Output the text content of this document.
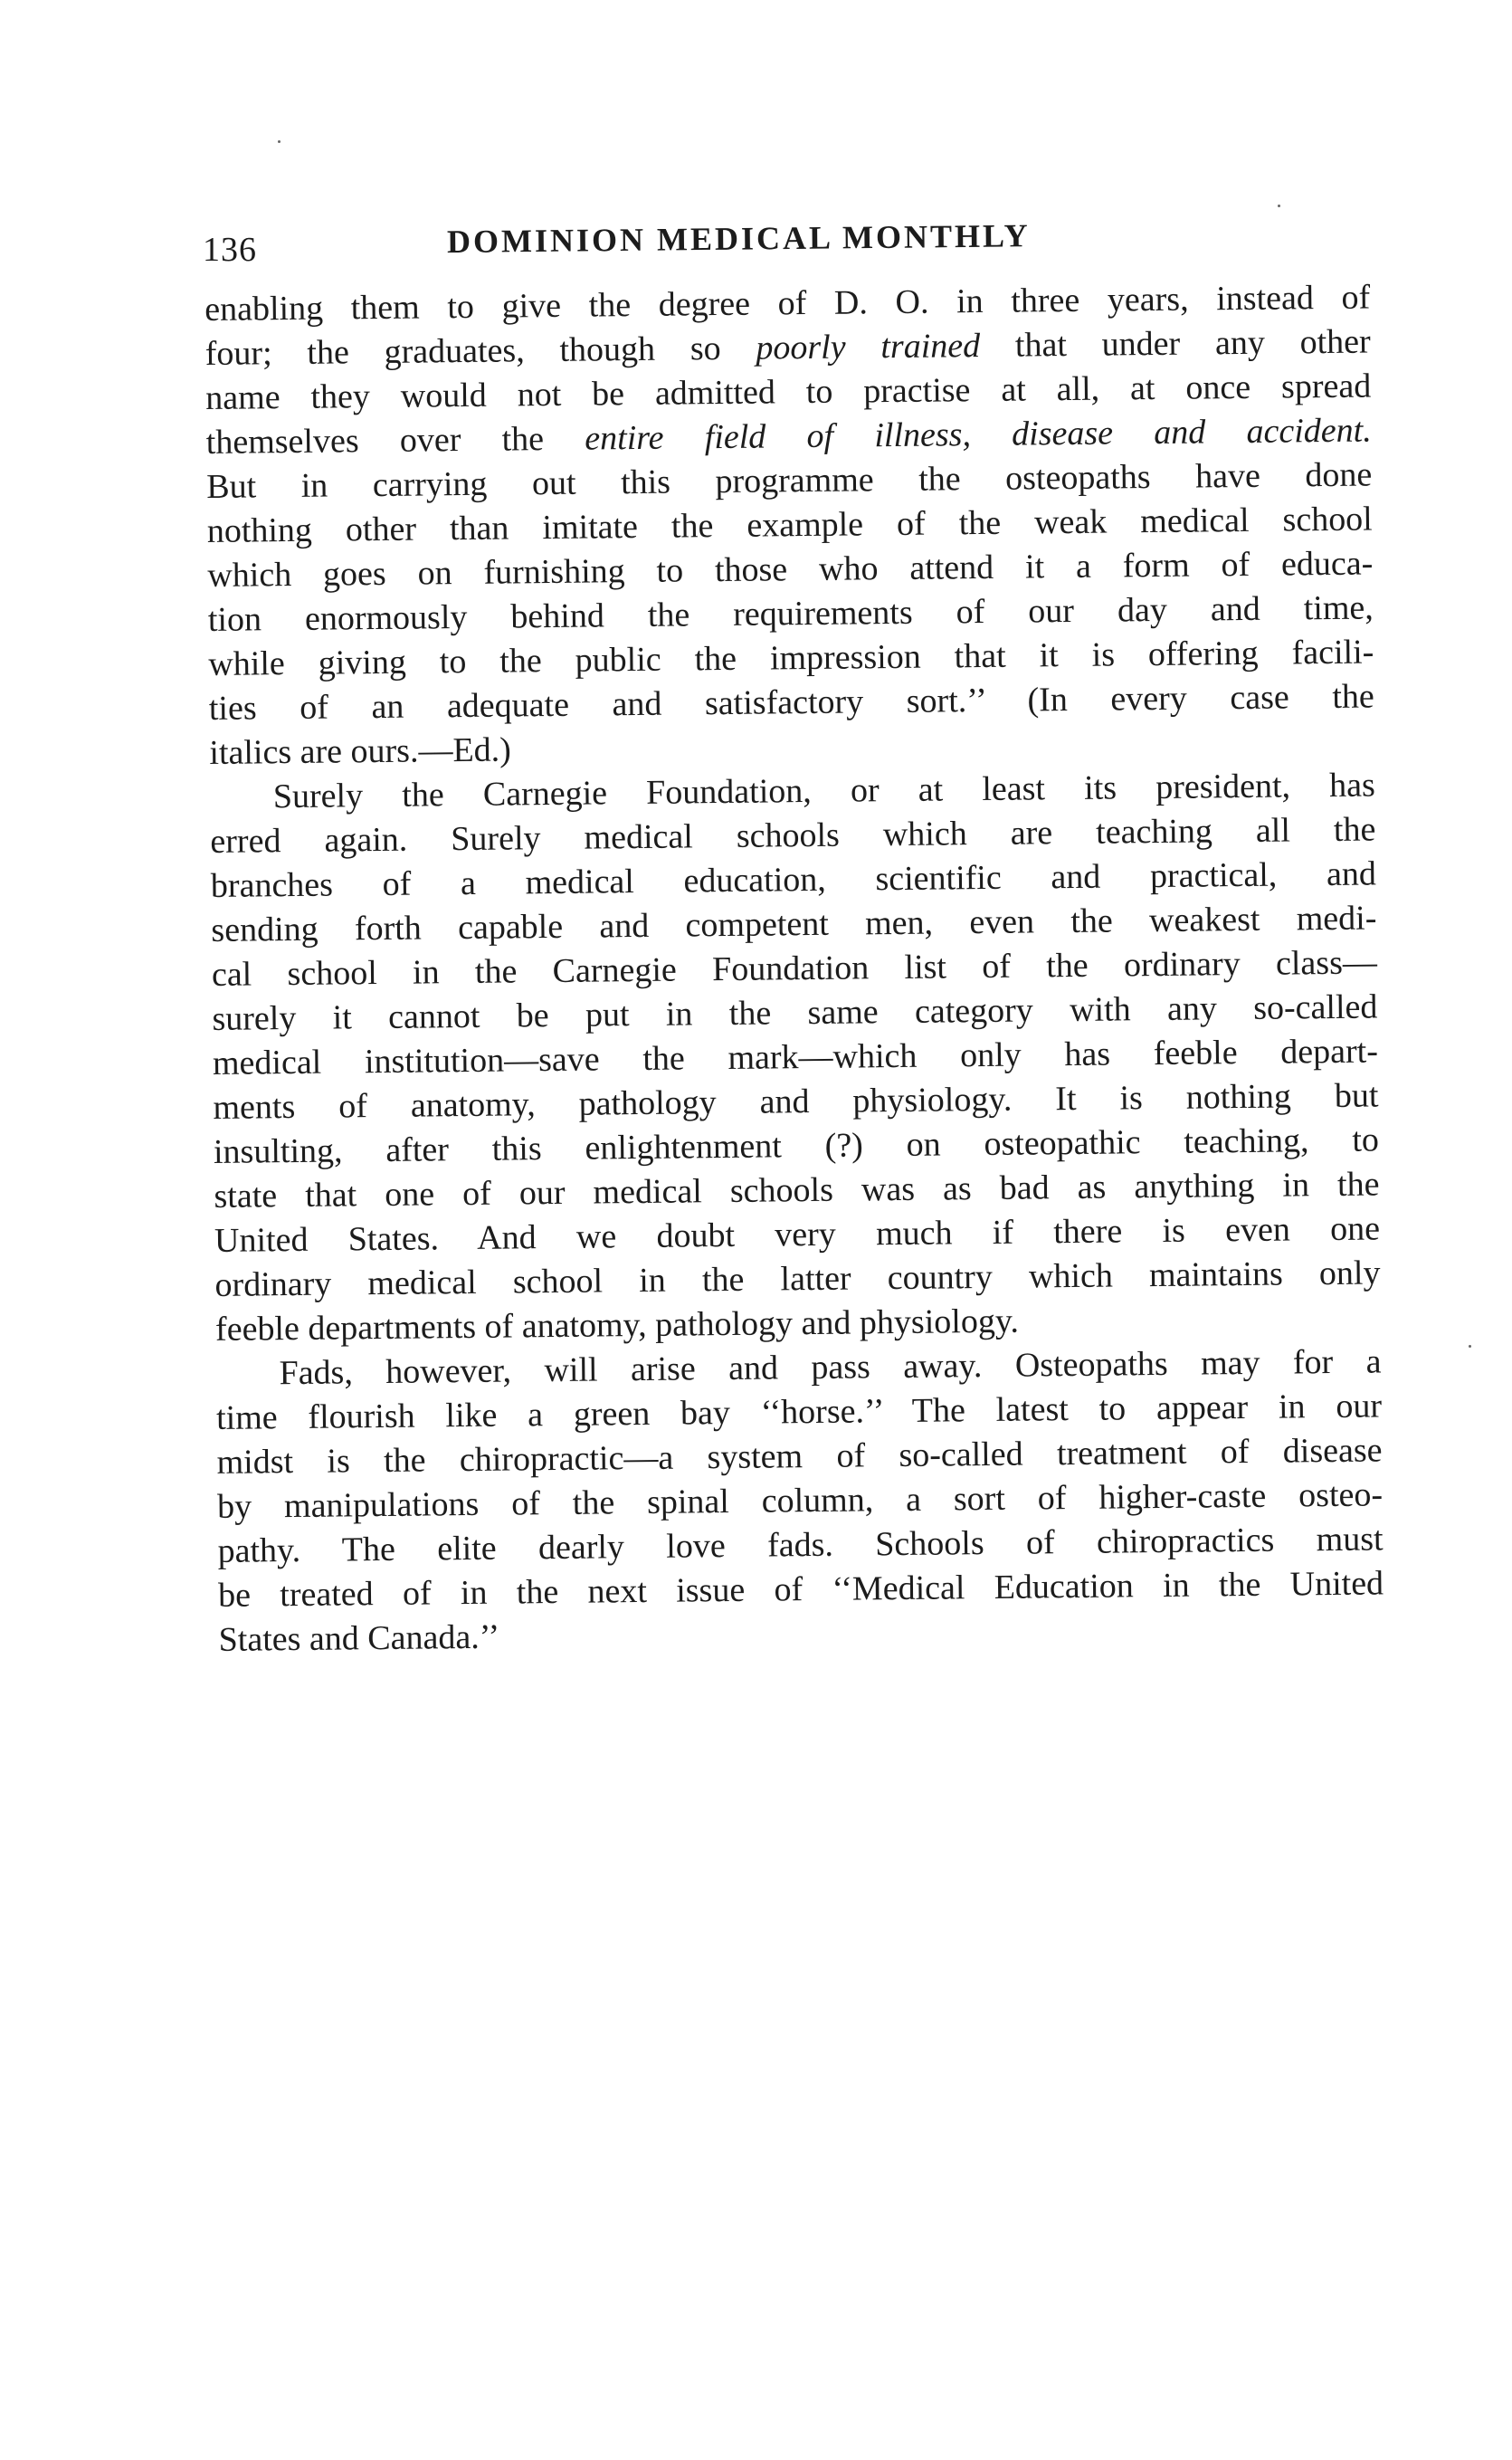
136	DOMINION MEDICAL MONTHLY
enabling them to give the degree of D. O. in three years, instead of
four; the graduates, though so poorly trained that under any other
name they would not be admitted to practise at all, at once spread
themselves over the entire field of illness, disease and accident.
But in carrying out this programme the osteopaths have done
nothing other than imitate the example of the weak medical school
which goes on furnishing to those who attend it a form of educa-
tion enormously behind the requirements of our day and time,
while giving to the public the impression that it is offering facili-
ties of an adequate and satisfactory sort.’’ (In every case the
italics are ours.—Ed.)
Surely the Carnegie Foundation, or at least its president, has
erred again. Surely medical schools which are teaching all the
branches of a medical education, scientific and practical, and
sending forth capable and competent men, even the weakest medi-
cal school in the Carnegie Foundation list of the ordinary class—
surely it cannot be put in the same category with any so-called
medical institution—save the mark—which only has feeble depart-
ments of anatomy, pathology and physiology. It is nothing but
insulting, after this enlightenment (?) on osteopathic teaching, to
state that one of our medical schools was as bad as anything in the
United States. And we doubt very much if there is even one
ordinary medical school in the latter country which maintains only
feeble departments of anatomy, pathology and physiology.
Fads, however, will arise and pass away. Osteopaths may for a
time flourish like a green bay ‘‘horse.’’ The latest to appear in our
midst is the chiropractic—a system of so-called treatment of disease
by manipulations of the spinal column, a sort of higher-caste osteo-
pathy. The elite dearly love fads. Schools of chiropractics must
be treated of in the next issue of ‘‘Medical Education in the United
States and Canada.’’
